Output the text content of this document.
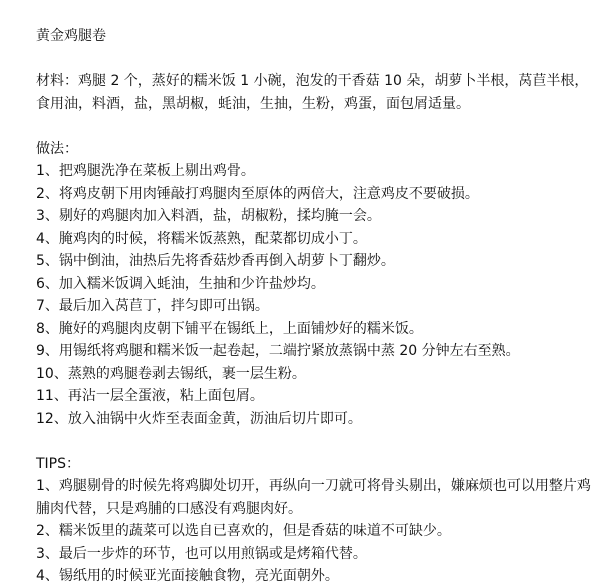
黄金鸡腿卷
材料：鸡腿 2 个，蒸好的糯米饭 1 小碗，泡发的干香菇 10 朵，胡萝卜半根，莴苣半根，食用油，料酒，盐，黑胡椒，蚝油，生抽，生粉，鸡蛋，面包屑适量。
做法：
1、把鸡腿洗净在菜板上剔出鸡骨。
2、将鸡皮朝下用肉锤敲打鸡腿肉至原体的两倍大，注意鸡皮不要破损。
3、剔好的鸡腿肉加入料酒，盐，胡椒粉，揉均腌一会。
4、腌鸡肉的时候，将糯米饭蒸熟，配菜都切成小丁。
5、锅中倒油，油热后先将香菇炒香再倒入胡萝卜丁翻炒。
6、加入糯米饭调入蚝油，生抽和少许盐炒均。
7、最后加入莴苣丁，拌匀即可出锅。
8、腌好的鸡腿肉皮朝下铺平在锡纸上，上面铺炒好的糯米饭。
9、用锡纸将鸡腿和糯米饭一起卷起，二端拧紧放蒸锅中蒸 20 分钟左右至熟。
10、蒸熟的鸡腿卷剥去锡纸，裹一层生粉。
11、再沾一层全蛋液，粘上面包屑。
12、放入油锅中火炸至表面金黄，沥油后切片即可。
TIPS：
1、鸡腿剔骨的时候先将鸡脚处切开，再纵向一刀就可将骨头剔出，嫌麻烦也可以用整片鸡脯肉代替，只是鸡脯的口感没有鸡腿肉好。
2、糯米饭里的蔬菜可以选自已喜欢的，但是香菇的味道不可缺少。
3、最后一步炸的环节，也可以用煎锅或是烤箱代替。
4、锡纸用的时候亚光面接触食物，亮光面朝外。
